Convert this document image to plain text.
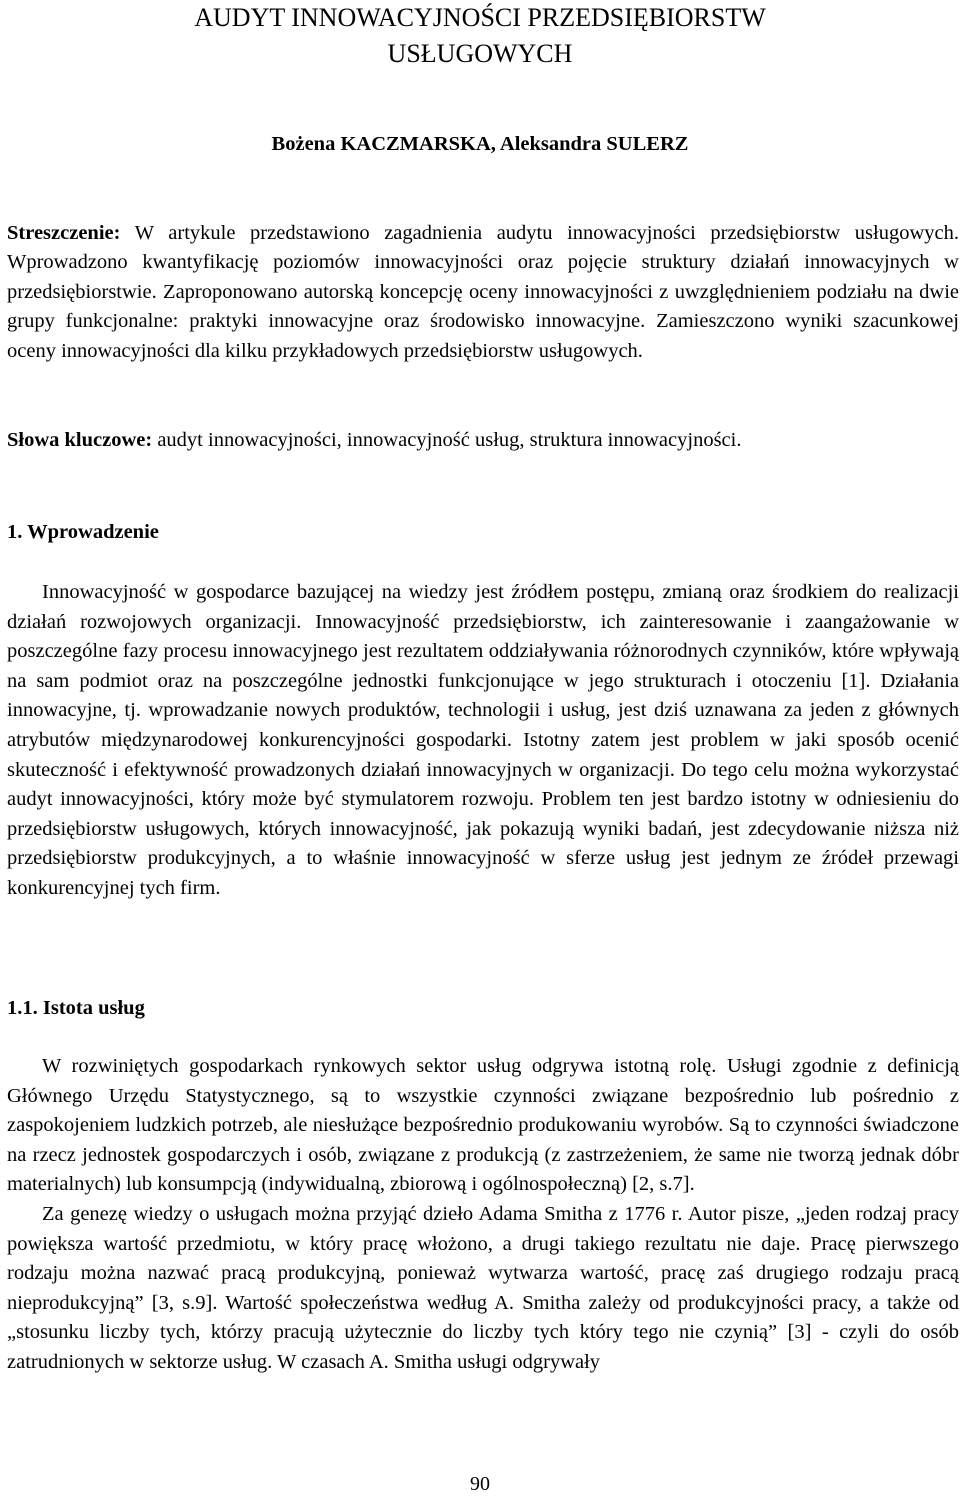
AUDYT INNOWACYJNOŚCI PRZEDSIĘBIORSTW
USŁUGOWYCH
Bożena KACZMARSKA, Aleksandra SULERZ

Streszczenie: W artykule przedstawiono zagadnienia audytu innowacyjności przedsiębiorstw usługowych. Wprowadzono kwantyfikację poziomów innowacyjności oraz pojęcie struktury działań innowacyjnych w przedsiębiorstwie. Zaproponowano autorską koncepcję oceny innowacyjności z uwzględnieniem podziału na dwie grupy funkcjonalne: praktyki innowacyjne oraz środowisko innowacyjne. Zamieszczono wyniki szacunkowej oceny innowacyjności dla kilku przykładowych przedsiębiorstw usługowych.

Słowa kluczowe: audyt innowacyjności, innowacyjność usług, struktura innowacyjności.

1. Wprowadzenie

Innowacyjność w gospodarce bazującej na wiedzy jest źródłem postępu, zmianą oraz środkiem do realizacji działań rozwojowych organizacji. Innowacyjność przedsiębiorstw, ich zainteresowanie i zaangażowanie w poszczególne fazy procesu innowacyjnego jest rezultatem oddziaływania różnorodnych czynników, które wpływają na sam podmiot oraz na poszczególne jednostki funkcjonujące w jego strukturach i otoczeniu [1]. Działania innowacyjne, tj. wprowadzanie nowych produktów, technologii i usług, jest dziś uznawana za jeden z głównych atrybutów międzynarodowej konkurencyjności gospodarki. Istotny zatem jest problem w jaki sposób ocenić skuteczność i efektywność prowadzonych działań innowacyjnych w organizacji. Do tego celu można wykorzystać audyt innowacyjności, który może być stymulatorem rozwoju. Problem ten jest bardzo istotny w odniesieniu do przedsiębiorstw usługowych, których innowacyjność, jak pokazują wyniki badań, jest zdecydowanie niższa niż przedsiębiorstw produkcyjnych, a to właśnie innowacyjność w sferze usług jest jednym ze źródeł przewagi konkurencyjnej tych firm.

1.1. Istota usług

W rozwiniętych gospodarkach rynkowych sektor usług odgrywa istotną rolę. Usługi zgodnie z definicją Głównego Urzędu Statystycznego, są to wszystkie czynności związane bezpośrednio lub pośrednio z zaspokojeniem ludzkich potrzeb, ale niesłużące bezpośrednio produkowaniu wyrobów. Są to czynności świadczone na rzecz jednostek gospodarczych i osób, związane z produkcją (z zastrzeżeniem, że same nie tworzą jednak dóbr materialnych) lub konsumpcją (indywidualną, zbiorową i ogólnospołeczną) [2, s.7].

Za genezę wiedzy o usługach można przyjąć dzieło Adama Smitha z 1776 r. Autor pisze, „jeden rodzaj pracy powiększa wartość przedmiotu, w który pracę włożono, a drugi takiego rezultatu nie daje. Pracę pierwszego rodzaju można nazwać pracą produkcyjną, ponieważ wytwarza wartość, pracę zaś drugiego rodzaju pracą nieprodukcyjną” [3, s.9]. Wartość społeczeństwa według A. Smitha zależy od produkcyjności pracy, a także od „stosunku liczby tych, którzy pracują użytecznie do liczby tych który tego nie czynią” [3] - czyli do osób zatrudnionych w sektorze usług. W czasach A. Smitha usługi odgrywały

90
